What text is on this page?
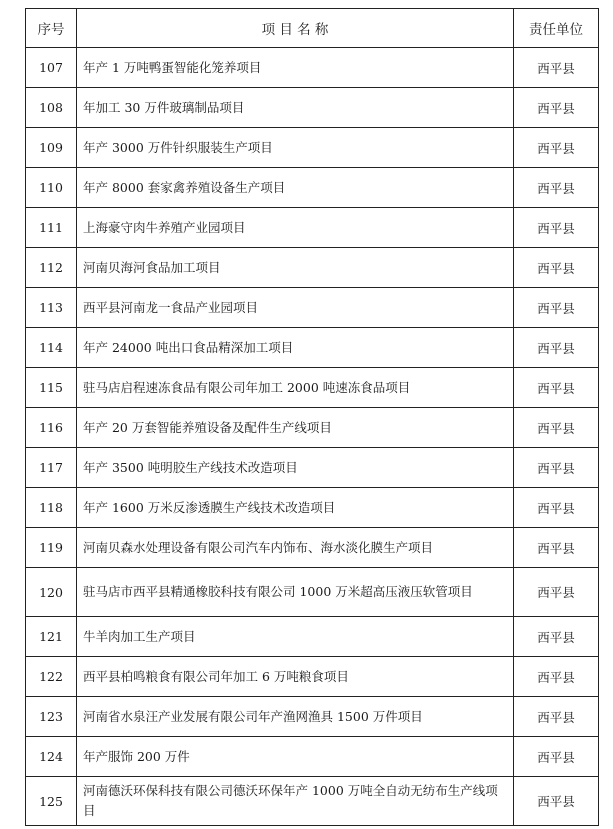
序号	项 目 名 称	责任单位
107	年产 1 万吨鸭蛋智能化笼养项目	西平县
108	年加工 30 万件玻璃制品项目	西平县
109	年产 3000 万件针织服装生产项目	西平县
110	年产 8000 套家禽养殖设备生产项目	西平县
111	上海豪守肉牛养殖产业园项目	西平县
112	河南贝海河食品加工项目	西平县
113	西平县河南龙一食品产业园项目	西平县
114	年产 24000 吨出口食品精深加工项目	西平县
115	驻马店启程速冻食品有限公司年加工 2000 吨速冻食品项目	西平县
116	年产 20 万套智能养殖设备及配件生产线项目	西平县
117	年产 3500 吨明胶生产线技术改造项目	西平县
118	年产 1600 万米反渗透膜生产线技术改造项目	西平县
119	河南贝森水处理设备有限公司汽车内饰布、海水淡化膜生产项目	西平县
120	驻马店市西平县精通橡胶科技有限公司 1000 万米超高压液压软管项目	西平县
121	牛羊肉加工生产项目	西平县
122	西平县柏鸣粮食有限公司年加工 6 万吨粮食项目	西平县
123	河南省水泉汪产业发展有限公司年产渔网渔具 1500 万件项目	西平县
124	年产服饰 200 万件	西平县
125	河南德沃环保科技有限公司德沃环保年产 1000 万吨全自动无纺布生产线项目	西平县
